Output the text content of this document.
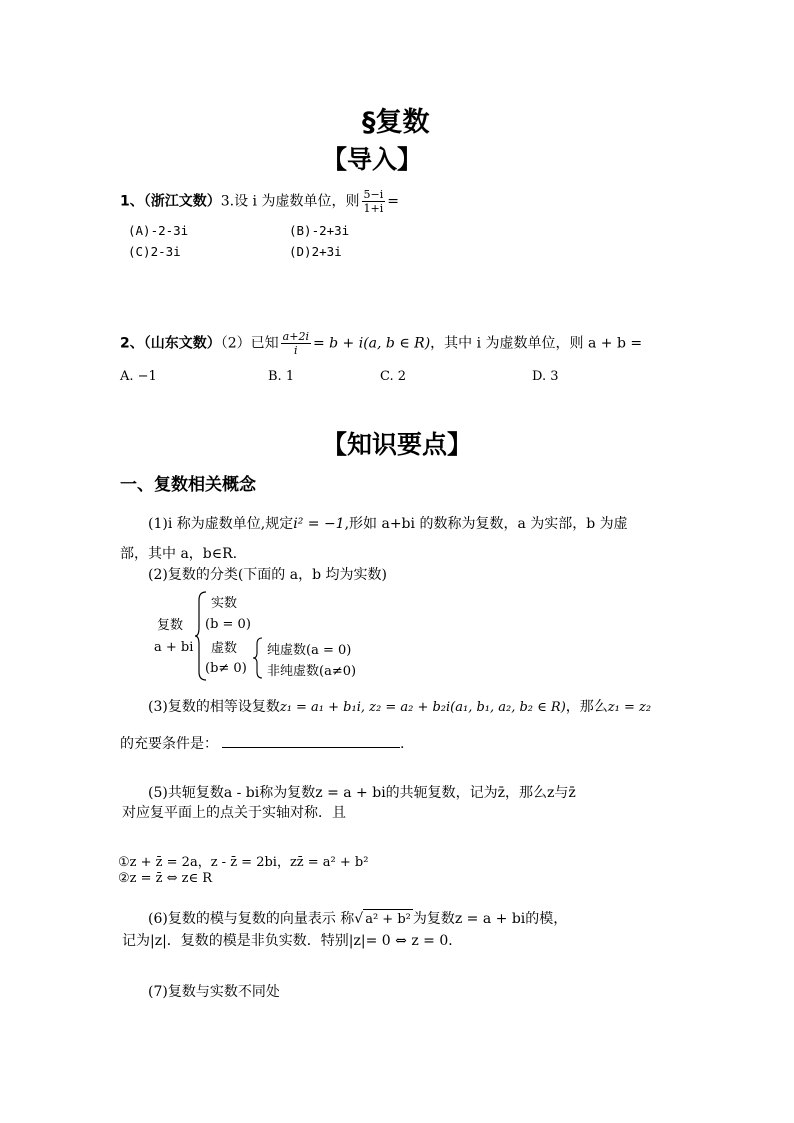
§复数
【导入】
1、（浙江文数）3.设 i 为虚数单位，则 $\frac{5-i}{1+i}$ =
(A)-2-3i	(B)-2+3i
(C)2-3i	(D)2+3i
2、（山东文数）（2）已知 $\frac{a+2i}{i} = b + i(a$, b ∈ R)，其中 i 为虚数单位，则 a + b =
A. −1	B. 1	C. 2	D. 3
【知识要点】
一、复数相关概念
(1)i 称为虚数单位,规定i² = −1,形如 a+bi 的数称为复数，a 为实部，b 为虚
部，其中 a，b∈R.
(2)复数的分类(下面的 a，b 均为实数)
复数
a + bi
实数
(b = 0)
虚数
(b≠ 0)
纯虚数(a = 0)
非纯虚数(a≠0)
(3)复数的相等设复数z₁ = a₁ + b₁i, z₂ = a₂ + b₂i(a₁, b₁, a₂, b₂ ∈ R)，那么z₁ = z₂
的充要条件是：	.
(5)共轭复数a - bi称为复数z = a + bi的共轭复数，记为z̄，那么z与z̄
对应复平面上的点关于实轴对称．且
①z + z̄ = 2a，z - z̄ = 2bi，zz̄ = a² + b²
②z = z̄ ⇔ z∈ R
(6)复数的模与复数的向量表示 称√ a² + b² 为复数z = a + bi的模，
记为|z|．复数的模是非负实数．特别|z|= 0 ⇔ z = 0．
(7)复数与实数不同处
